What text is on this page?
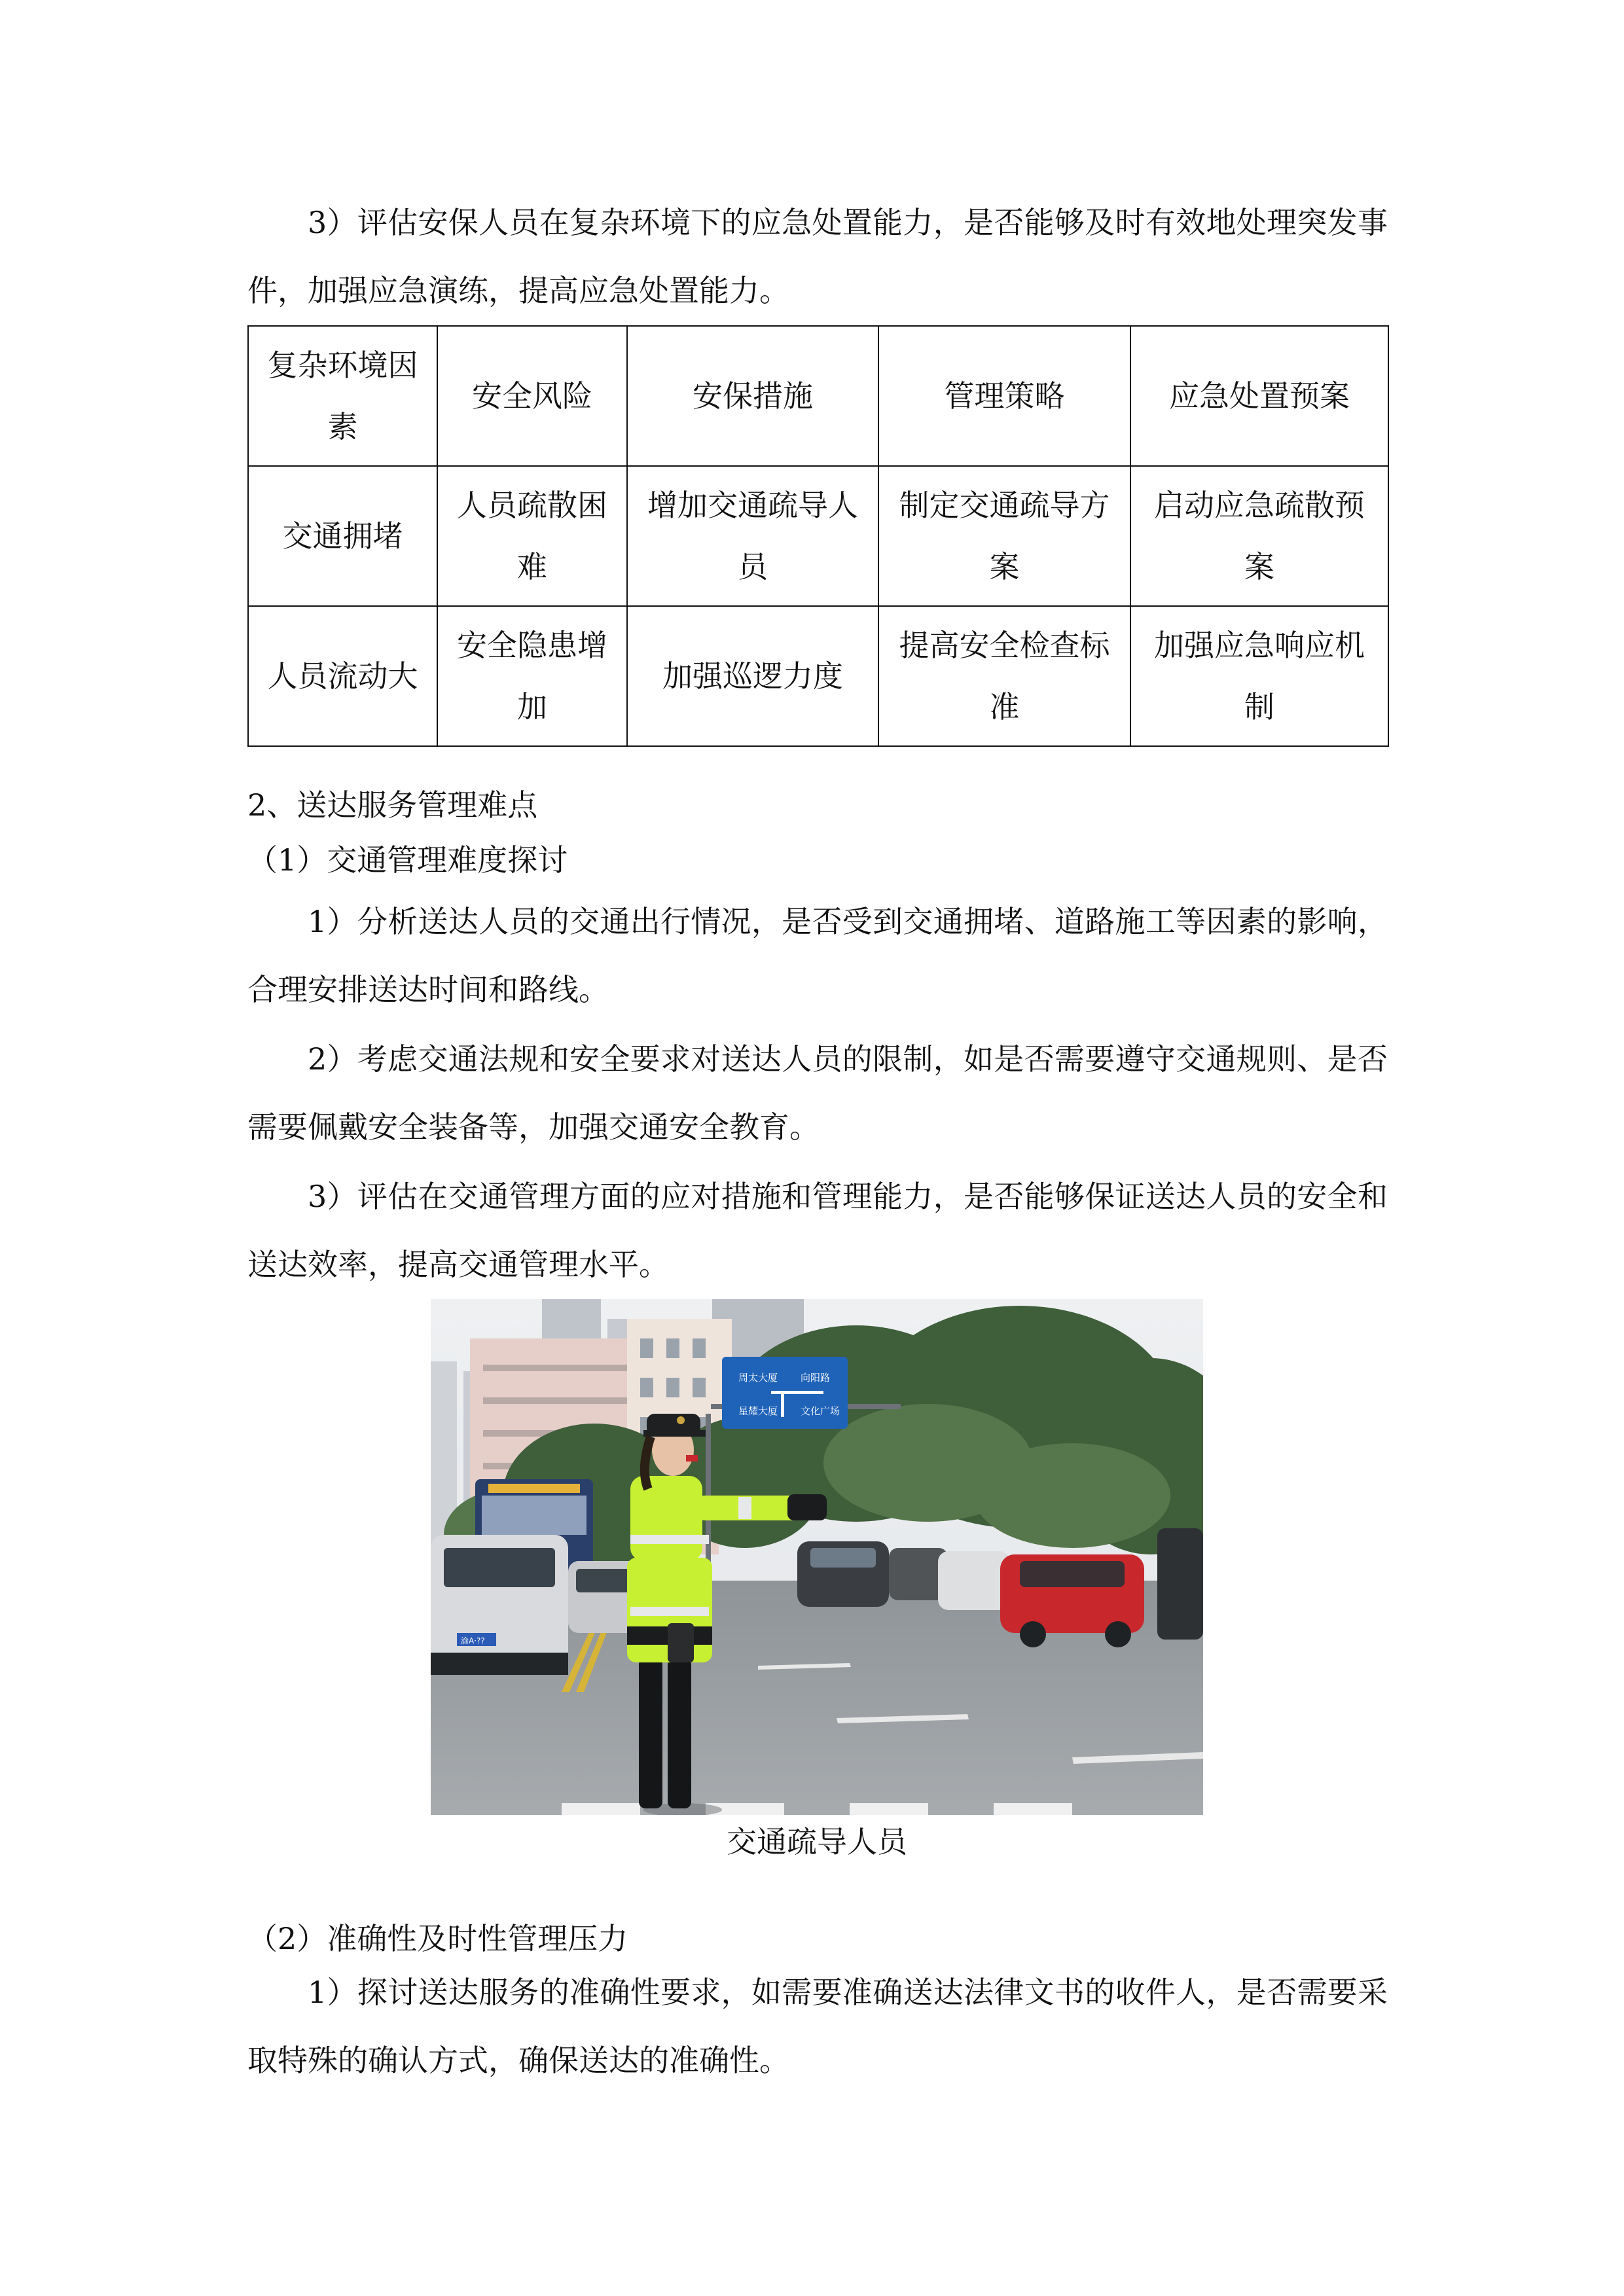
3）评估安保人员在复杂环境下的应急处置能力，是否能够及时有效地处理突发事件，加强应急演练，提高应急处置能力。

复杂环境因素	安全风险	安保措施	管理策略	应急处置预案
交通拥堵	人员疏散困难	增加交通疏导人员	制定交通疏导方案	启动应急疏散预案
人员流动大	安全隐患增加	加强巡逻力度	提高安全检查标准	加强应急响应机制
2、送达服务管理难点
（1）交通管理难度探讨

1）分析送达人员的交通出行情况，是否受到交通拥堵、道路施工等因素的影响，合理安排送达时间和路线。

2）考虑交通法规和安全要求对送达人员的限制，如是否需要遵守交通规则、是否需要佩戴安全装备等，加强交通安全教育。

3）评估在交通管理方面的应对措施和管理能力，是否能够保证送达人员的安全和送达效率，提高交通管理水平。

周太大厦 向阳路
星耀大厦 文化广场
渝A·??
交通疏导人员
（2）准确性及时性管理压力

1）探讨送达服务的准确性要求，如需要准确送达法律文书的收件人，是否需要采取特殊的确认方式，确保送达的准确性。
